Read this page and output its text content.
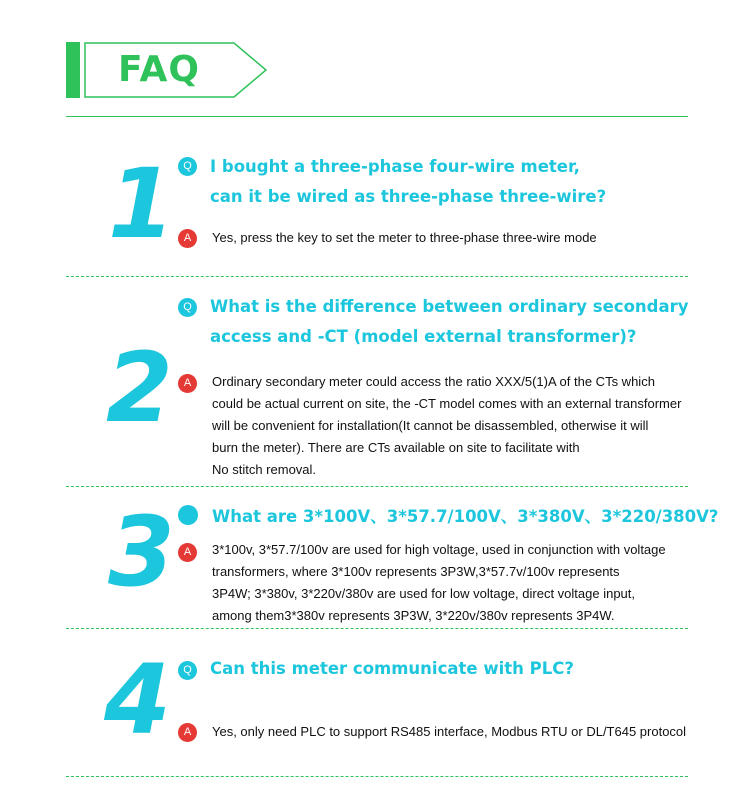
FAQ
1 Q	I bought a three-phase four-wire meter,
can it be wired as three-phase three-wire?
A	Yes, press the key to set the meter to three-phase three-wire mode
2
Q	What is the difference between ordinary secondary
access and -CT (model external transformer)?
A	Ordinary secondary meter could access the ratio XXX/5(1)A of the CTs which
could be actual current on site, the -CT model comes with an external transformer
will be convenient for installation(It cannot be disassembled, otherwise it will
burn the meter). There are CTs available on site to facilitate with
No stitch removal.
3 What are 3*100V、3*57.7/100V、3*380V、3*220/380V?
A	3*100v, 3*57.7/100v are used for high voltage, used in conjunction with voltage
transformers, where 3*100v represents 3P3W,3*57.7v/100v represents
3P4W; 3*380v, 3*220v/380v are used for low voltage, direct voltage input,
among them3*380v represents 3P3W, 3*220v/380v represents 3P4W.
4	Q	Can this meter communicate with PLC?
A	Yes, only need PLC to support RS485 interface, Modbus RTU or DL/T645 protocol
